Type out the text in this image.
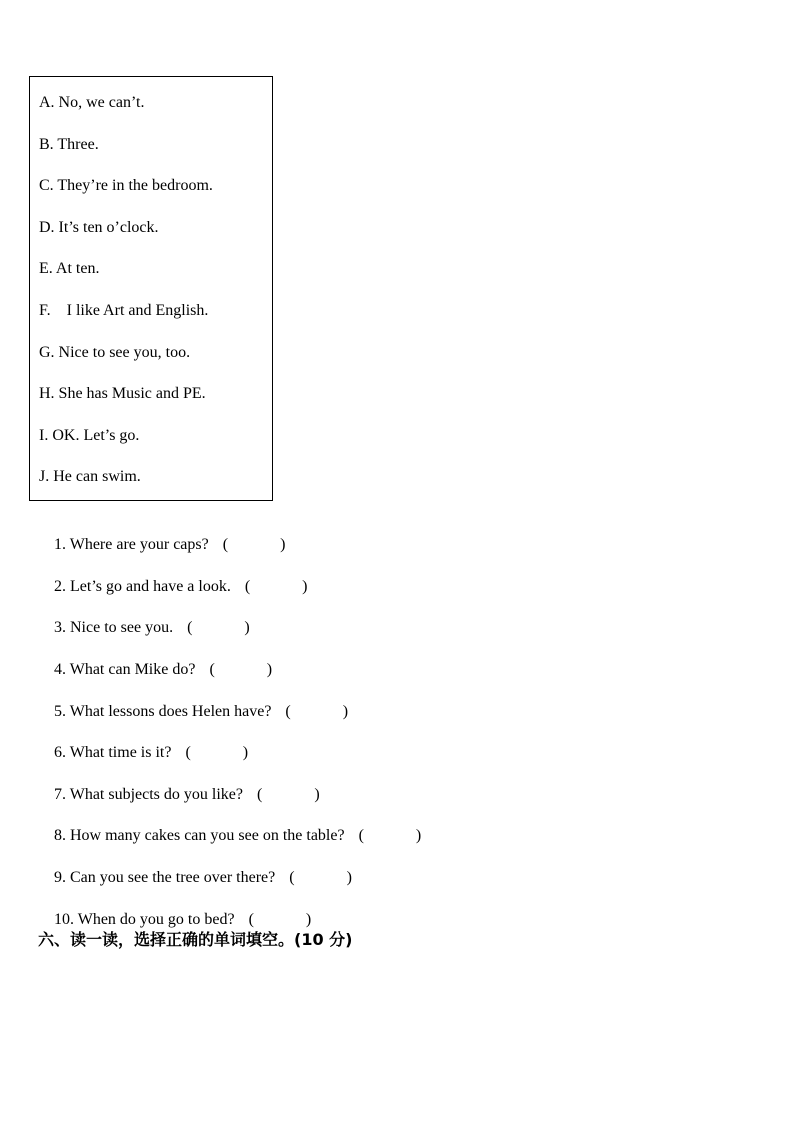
A. No, we can’t.
B. Three.
C. They’re in the bedroom.
D. It’s ten o’clock.
E. At ten.
F.    I like Art and English.
G. Nice to see you, too.
H. She has Music and PE.
I. OK. Let’s go.
J. He can swim.

1. Where are your caps? (             )

2. Let’s go and have a look. (             )

3. Nice to see you. (             )

4. What can Mike do? (             )

5. What lessons does Helen have? (             )

6. What time is it? (             )

7. What subjects do you like? (             )

8. How many cakes can you see on the table? (             )

9. Can you see the tree over there? (             )

10. When do you go to bed? (             )

六、读一读，选择正确的单词填空。(10 分)
